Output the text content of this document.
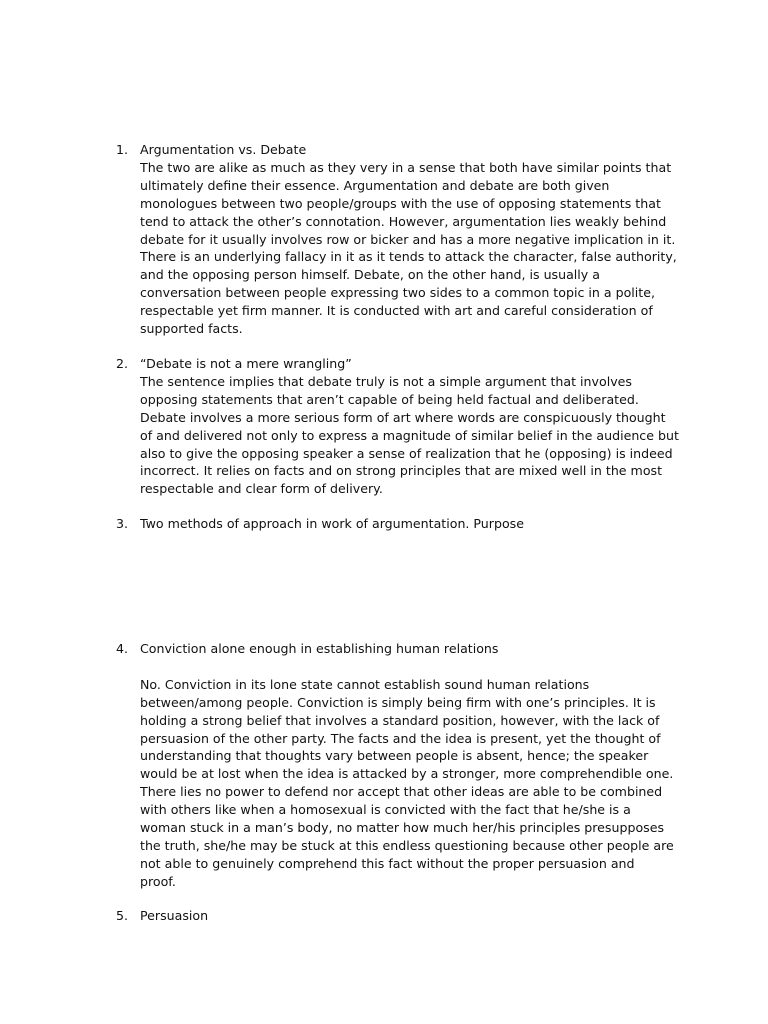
1. Argumentation vs. Debate
The two are alike as much as they very in a sense that both have similar points that
ultimately define their essence. Argumentation and debate are both given
monologues between two people/groups with the use of opposing statements that
tend to attack the other’s connotation. However, argumentation lies weakly behind
debate for it usually involves row or bicker and has a more negative implication in it.
There is an underlying fallacy in it as it tends to attack the character, false authority,
and the opposing person himself. Debate, on the other hand, is usually a
conversation between people expressing two sides to a common topic in a polite,
respectable yet firm manner. It is conducted with art and careful consideration of
supported facts.
2. “Debate is not a mere wrangling”
The sentence implies that debate truly is not a simple argument that involves
opposing statements that aren’t capable of being held factual and deliberated.
Debate involves a more serious form of art where words are conspicuously thought
of and delivered not only to express a magnitude of similar belief in the audience but
also to give the opposing speaker a sense of realization that he (opposing) is indeed
incorrect. It relies on facts and on strong principles that are mixed well in the most
respectable and clear form of delivery.
3. Two methods of approach in work of argumentation. Purpose
4. Conviction alone enough in establishing human relations
No. Conviction in its lone state cannot establish sound human relations
between/among people. Conviction is simply being firm with one’s principles. It is
holding a strong belief that involves a standard position, however, with the lack of
persuasion of the other party. The facts and the idea is present, yet the thought of
understanding that thoughts vary between people is absent, hence; the speaker
would be at lost when the idea is attacked by a stronger, more comprehendible one.
There lies no power to defend nor accept that other ideas are able to be combined
with others like when a homosexual is convicted with the fact that he/she is a
woman stuck in a man’s body, no matter how much her/his principles presupposes
the truth, she/he may be stuck at this endless questioning because other people are
not able to genuinely comprehend this fact without the proper persuasion and
proof.
5. Persuasion
